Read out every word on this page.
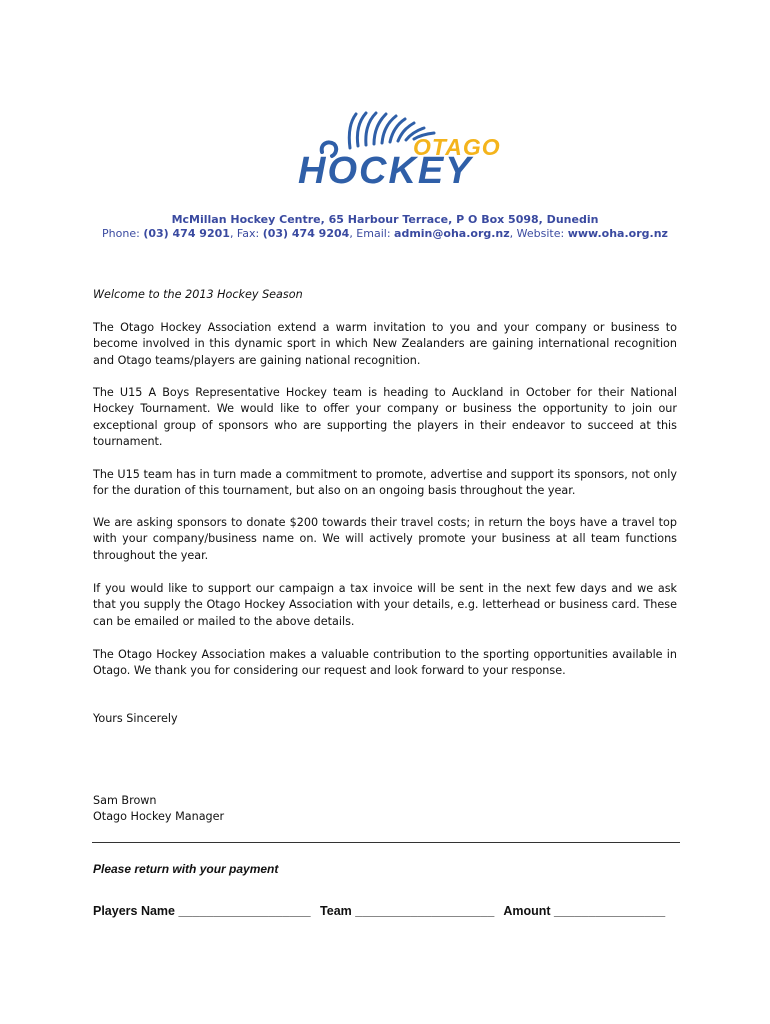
OTAGO
HOCKEY
McMillan Hockey Centre, 65 Harbour Terrace, P O Box 5098, Dunedin
Phone: (03) 474 9201, Fax: (03) 474 9204, Email: admin@oha.org.nz, Website: www.oha.org.nz
Welcome to the 2013 Hockey Season

The Otago Hockey Association extend a warm invitation to you and your company or business to become involved in this dynamic sport in which New Zealanders are gaining international recognition and Otago teams/players are gaining national recognition.

The U15 A Boys Representative Hockey team is heading to Auckland in October for their National Hockey Tournament. We would like to offer your company or business the opportunity to join our exceptional group of sponsors who are supporting the players in their endeavor to succeed at this tournament.

The U15 team has in turn made a commitment to promote, advertise and support its sponsors, not only for the duration of this tournament, but also on an ongoing basis throughout the year.

We are asking sponsors to donate $200 towards their travel costs; in return the boys have a travel top with your company/business name on. We will actively promote your business at all team functions throughout the year.

If you would like to support our campaign a tax invoice will be sent in the next few days and we ask that you supply the Otago Hockey Association with your details, e.g. letterhead or business card. These can be emailed or mailed to the above details.

The Otago Hockey Association makes a valuable contribution to the sporting opportunities available in Otago. We thank you for considering our request and look forward to your response.

Yours Sincerely
Sam Brown
Otago Hockey Manager
Please return with your payment
Players Name ___________________ Team ____________________ Amount ________________
